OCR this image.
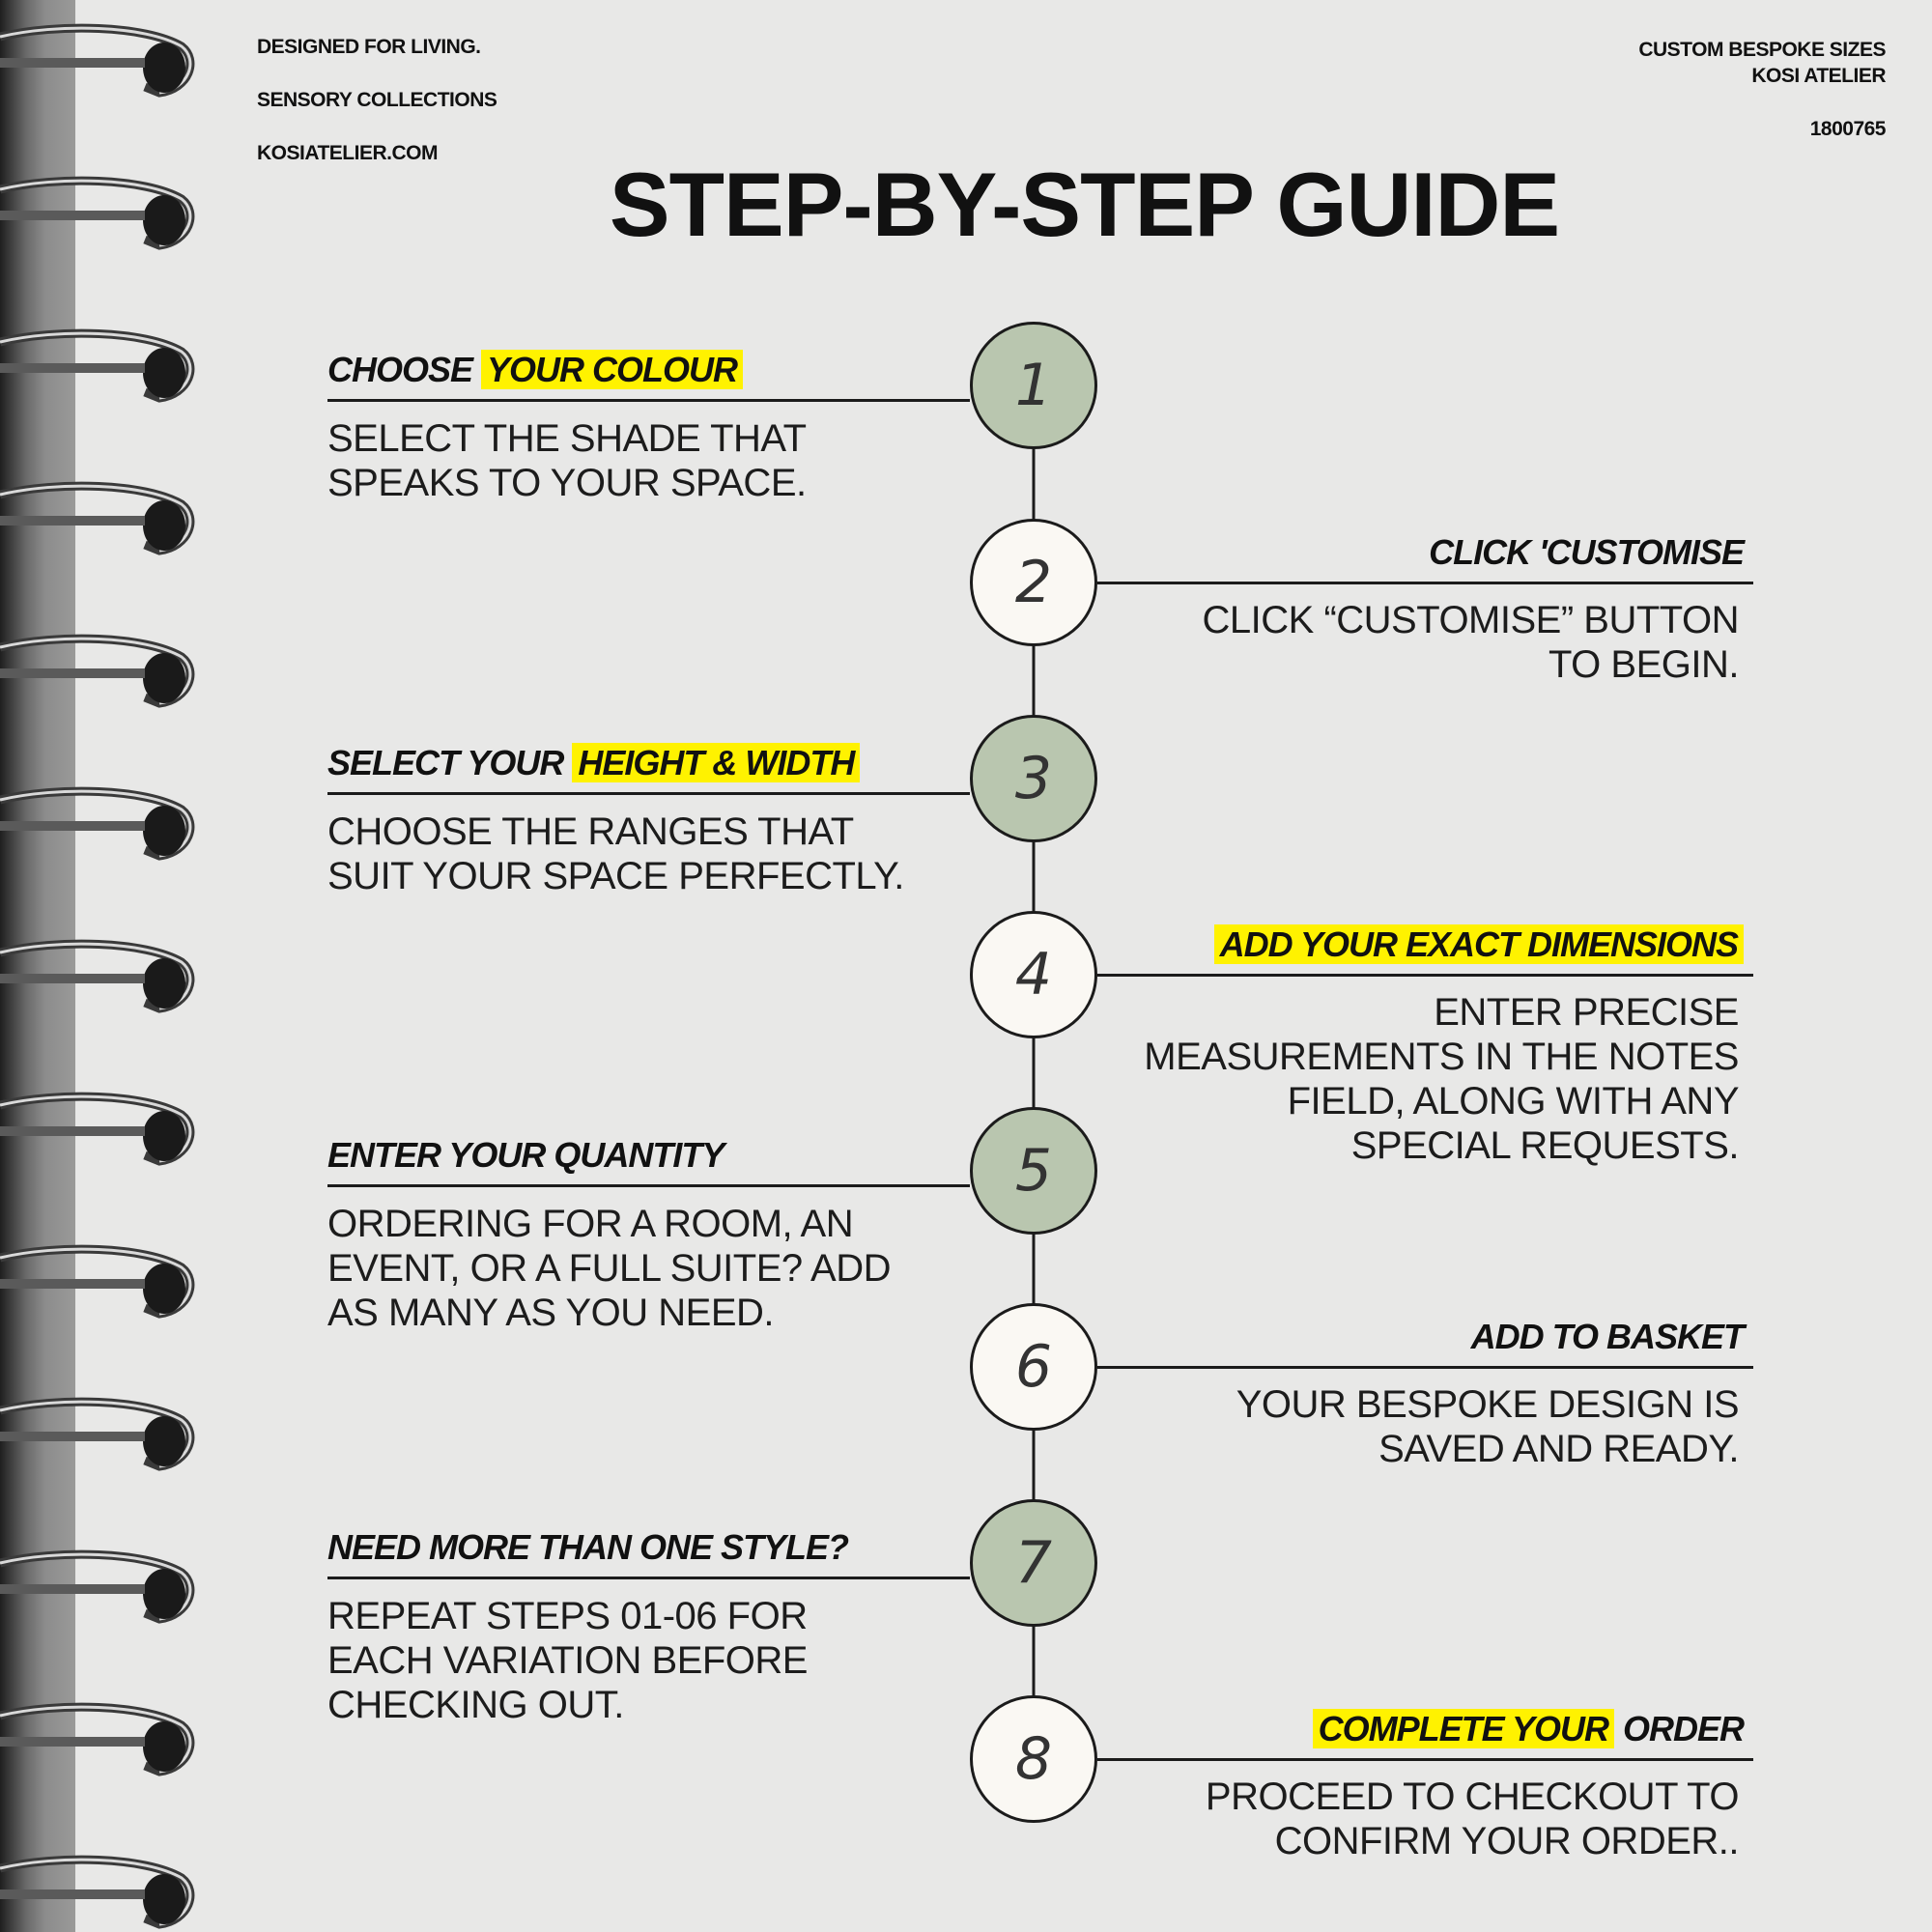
DESIGNED FOR LIVING.
SENSORY COLLECTIONS
KOSIATELIER.COM
CUSTOM BESPOKE SIZES
KOSI ATELIER
1800765
STEP-BY-STEP GUIDE
1
CHOOSE YOUR COLOUR
SELECT THE SHADE THAT
SPEAKS TO YOUR SPACE.
2	CLICK 'CUSTOMISE
CLICK “CUSTOMISE” BUTTON
TO BEGIN.
3
SELECT YOUR HEIGHT & WIDTH
CHOOSE THE RANGES THAT
SUIT YOUR SPACE PERFECTLY.
4	ADD YOUR EXACT DIMENSIONS
ENTER PRECISE
MEASUREMENTS IN THE NOTES
FIELD, ALONG WITH ANY
SPECIAL REQUESTS.
5
ENTER YOUR QUANTITY
ORDERING FOR A ROOM, AN
EVENT, OR A FULL SUITE? ADD
AS MANY AS YOU NEED.
6	ADD TO BASKET
YOUR BESPOKE DESIGN IS
SAVED AND READY.
7
NEED MORE THAN ONE STYLE?
REPEAT STEPS 01-06 FOR
EACH VARIATION BEFORE
CHECKING OUT.
8	COMPLETE YOUR ORDER
PROCEED TO CHECKOUT TO
CONFIRM YOUR ORDER..
